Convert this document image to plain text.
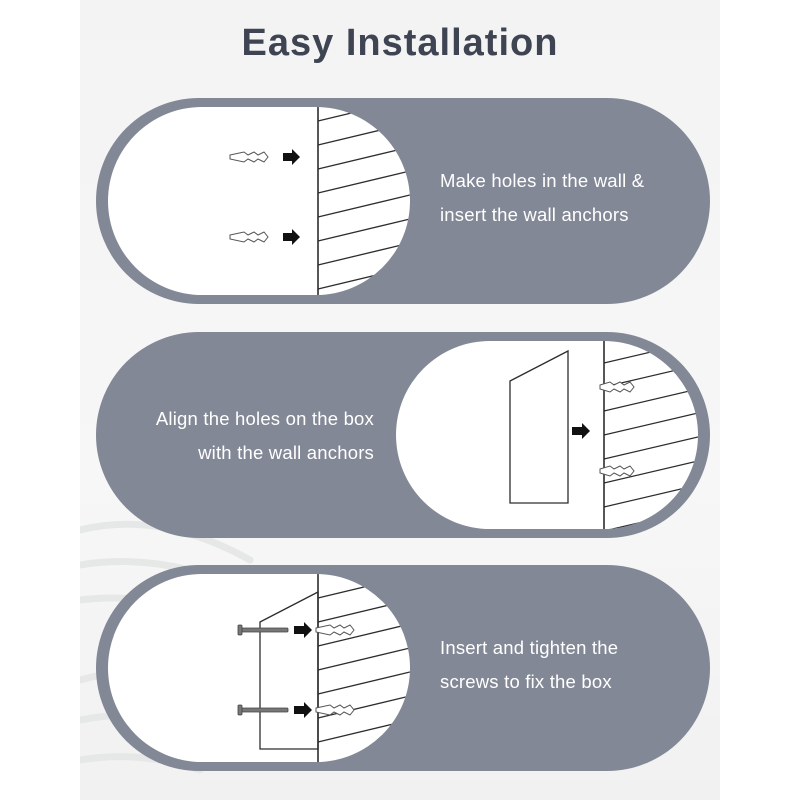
Easy Installation

Make holes in the wall &
insert the wall anchors

Align the holes on the box
with the wall anchors

Insert and tighten the
screws to fix the box
